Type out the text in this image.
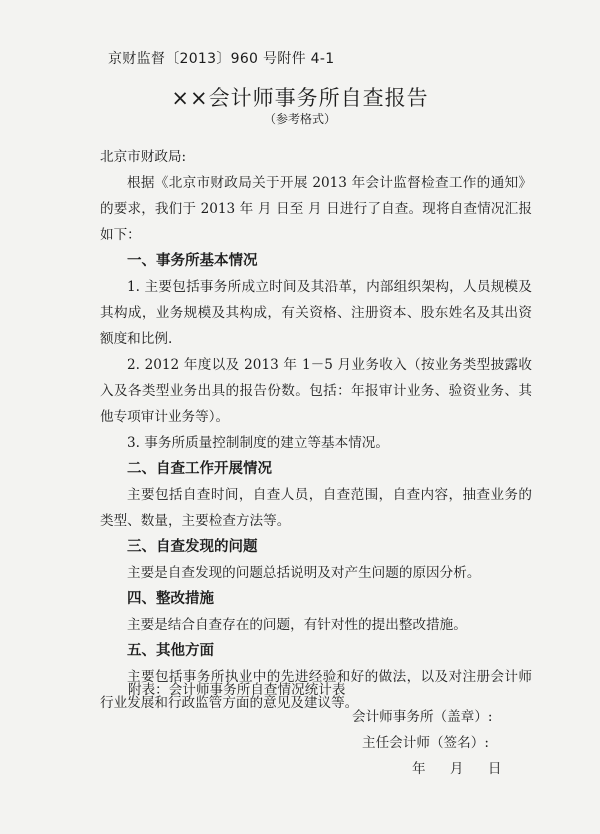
京财监督〔2013〕960 号附件 4-1
××会计师事务所自查报告
（参考格式）

北京市财政局:

根据《北京市财政局关于开展 2013 年会计监督检查工作的通知》的要求，我们于 2013 年 月 日至 月 日进行了自查。现将自查情况汇报如下：

一、事务所基本情况

1. 主要包括事务所成立时间及其沿革，内部组织架构，人员规模及其构成，业务规模及其构成，有关资格、注册资本、股东姓名及其出资额度和比例.

2. 2012 年度以及 2013 年 1－5 月业务收入（按业务类型披露收入及各类型业务出具的报告份数。包括：年报审计业务、验资业务、其他专项审计业务等）。

3. 事务所质量控制制度的建立等基本情况。

二、自查工作开展情况

主要包括自查时间，自查人员，自查范围，自查内容，抽查业务的类型、数量，主要检查方法等。

三、自查发现的问题

主要是自查发现的问题总括说明及对产生问题的原因分析。

四、整改措施

主要是结合自查存在的问题，有针对性的提出整改措施。

五、其他方面

主要包括事务所执业中的先进经验和好的做法，以及对注册会计师行业发展和行政监管方面的意见及建议等。

附表：会计师事务所自查情况统计表
会计师事务所（盖章）:
主任会计师（签名）:
年 月 日
